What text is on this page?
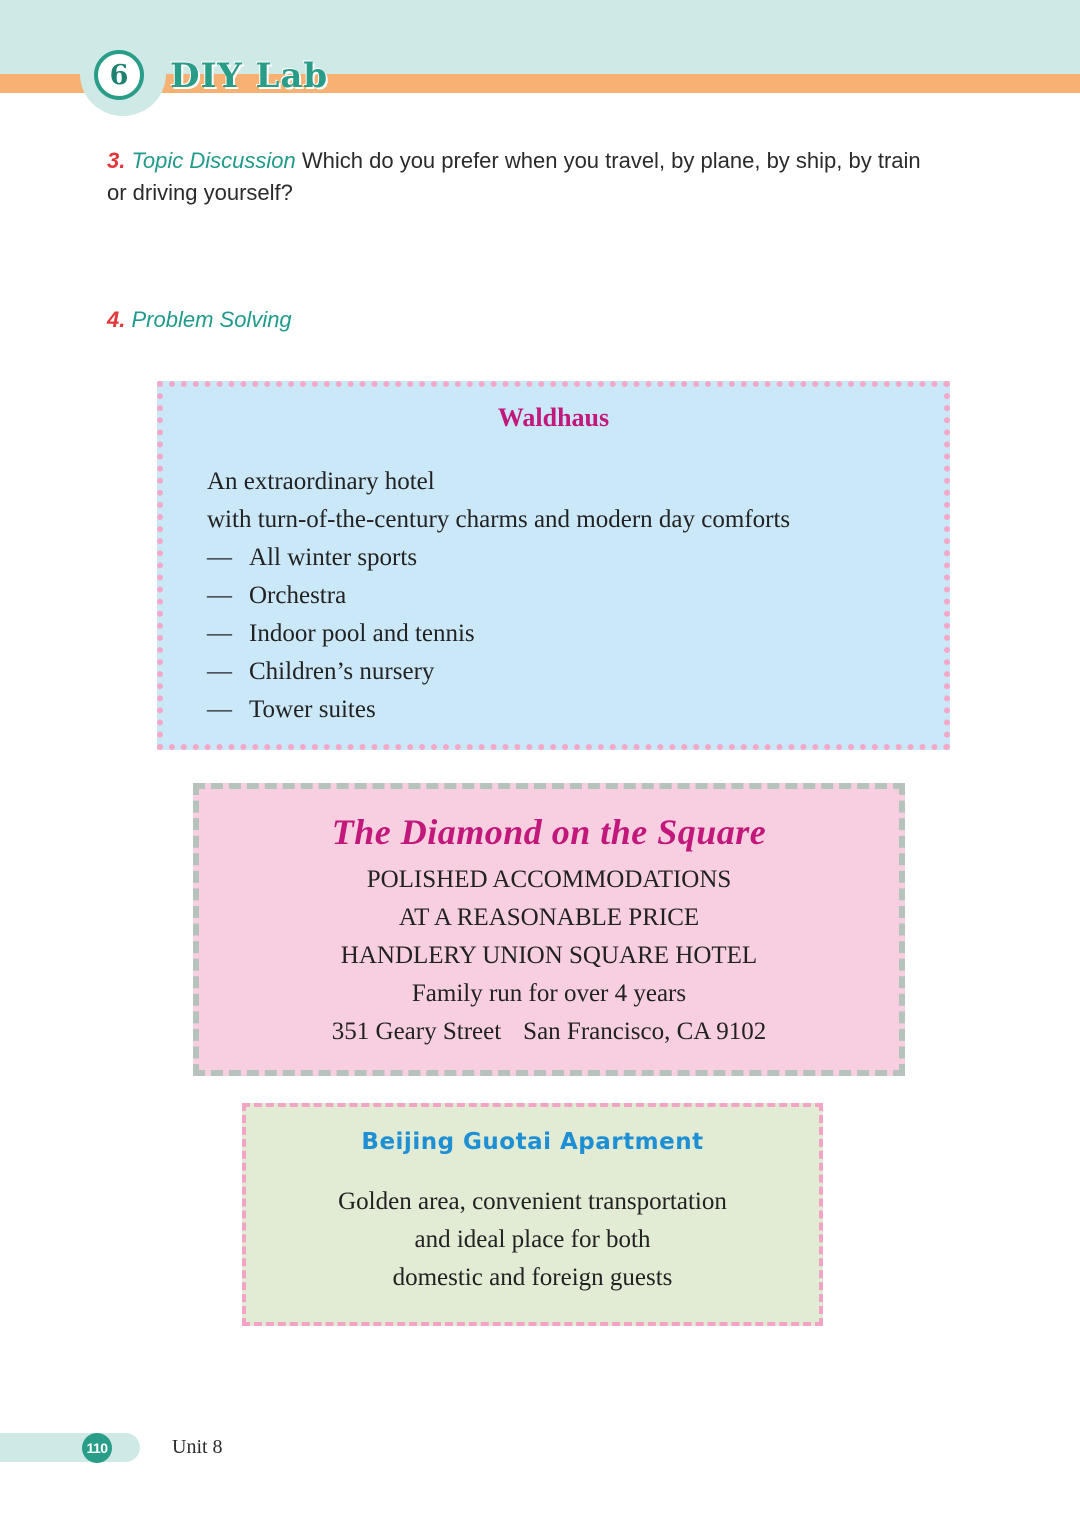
6	DIY Lab

3. Topic Discussion Which do you prefer when you travel, by plane, by ship, by train
or driving yourself?

4. Problem Solving

Waldhaus
An extraordinary hotel
with turn-of-the-century charms and modern day comforts
— All winter sports
— Orchestra
— Indoor pool and tennis
— Children’s nursery
— Tower suites
The Diamond on the Square
POLISHED ACCOMMODATIONS
AT A REASONABLE PRICE
HANDLERY UNION SQUARE HOTEL
Family run for over 4 years
351 Geary Street San Francisco, CA 9102
Beijing Guotai Apartment
Golden area, convenient transportation
and ideal place for both
domestic and foreign guests
110	Unit 8
